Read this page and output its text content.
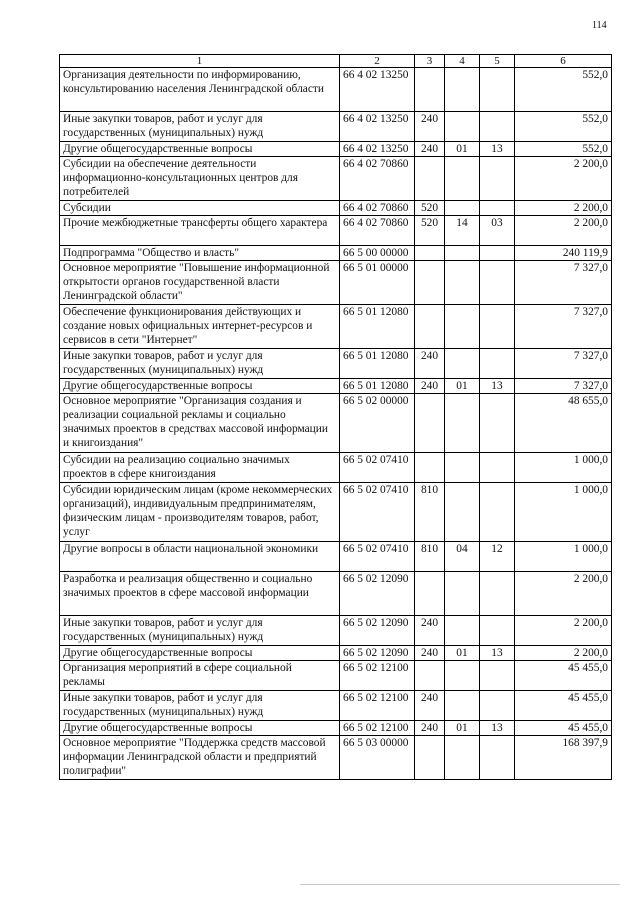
114
1	2	3	4	5	6
Организация деятельности по информированию, консультированию населения Ленинградской области	66 4 02 13250				552,0
Иные закупки товаров, работ и услуг для государственных (муниципальных) нужд	66 4 02 13250	240			552,0
Другие общегосударственные вопросы	66 4 02 13250	240	01	13	552,0
Субсидии на обеспечение деятельности информационно-консультационных центров для потребителей	66 4 02 70860				2 200,0
Субсидии	66 4 02 70860	520			2 200,0
Прочие межбюджетные трансферты общего характера	66 4 02 70860	520	14	03	2 200,0
Подпрограмма "Общество и власть"	66 5 00 00000				240 119,9
Основное мероприятие "Повышение информационной открытости органов государственной власти Ленинградской области"	66 5 01 00000				7 327,0
Обеспечение функционирования действующих и создание новых официальных интернет-ресурсов и сервисов в сети "Интернет"	66 5 01 12080				7 327,0
Иные закупки товаров, работ и услуг для государственных (муниципальных) нужд	66 5 01 12080	240			7 327,0
Другие общегосударственные вопросы	66 5 01 12080	240	01	13	7 327,0
Основное мероприятие "Организация создания и реализации социальной рекламы и социально значимых проектов в средствах массовой информации и книгоиздания"	66 5 02 00000				48 655,0
Субсидии на реализацию социально значимых проектов в сфере книгоиздания	66 5 02 07410				1 000,0
Субсидии юридическим лицам (кроме некоммерческих организаций), индивидуальным предпринимателям, физическим лицам - производителям товаров, работ, услуг	66 5 02 07410	810			1 000,0
Другие вопросы в области национальной экономики	66 5 02 07410	810	04	12	1 000,0
Разработка и реализация общественно и социально значимых проектов в сфере массовой информации	66 5 02 12090				2 200,0
Иные закупки товаров, работ и услуг для государственных (муниципальных) нужд	66 5 02 12090	240			2 200,0
Другие общегосударственные вопросы	66 5 02 12090	240	01	13	2 200,0
Организация мероприятий в сфере социальной рекламы	66 5 02 12100				45 455,0
Иные закупки товаров, работ и услуг для государственных (муниципальных) нужд	66 5 02 12100	240			45 455,0
Другие общегосударственные вопросы	66 5 02 12100	240	01	13	45 455,0
Основное мероприятие "Поддержка средств массовой информации Ленинградской области и предприятий полиграфии"	66 5 03 00000				168 397,9
